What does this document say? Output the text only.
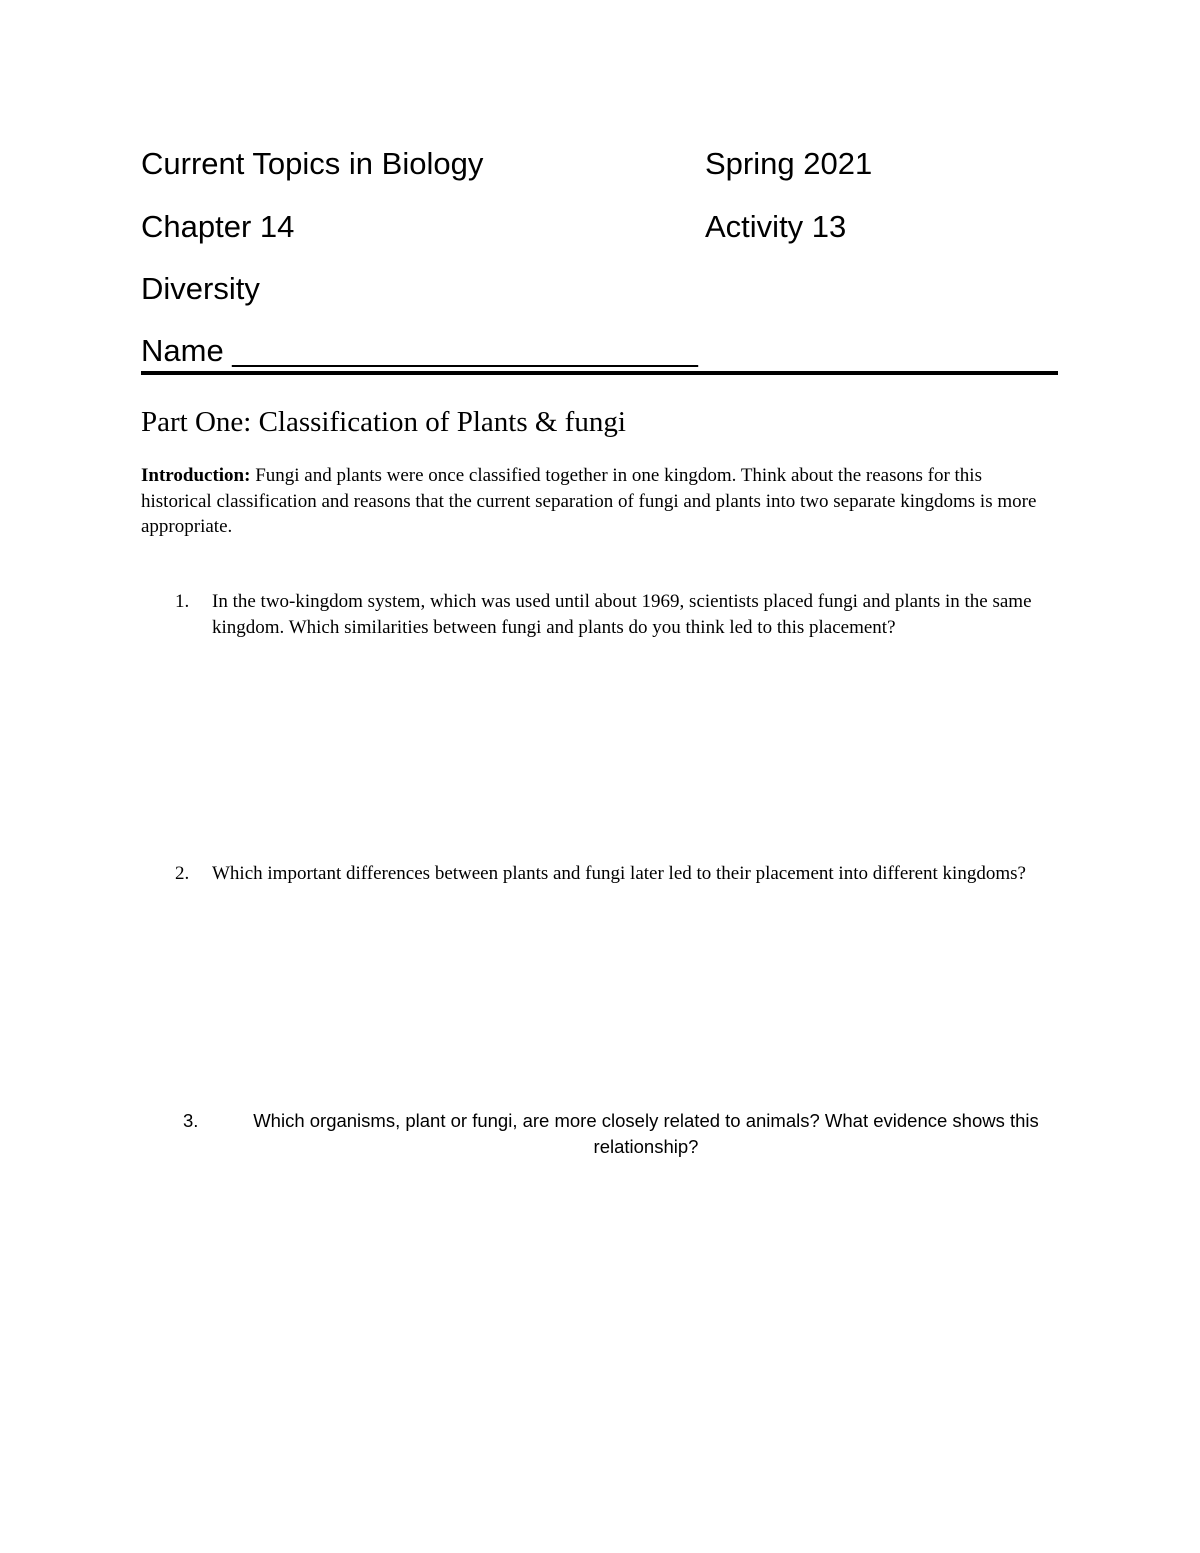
Current Topics in Biology	Spring 2021
Chapter 14	Activity 13
Diversity
Name ___________________________
Part One: Classification of Plants & fungi
Introduction: Fungi and plants were once classified together in one kingdom. Think about the reasons for this historical classification and reasons that the current separation of fungi and plants into two separate kingdoms is more appropriate.
1.	In the two-kingdom system, which was used until about 1969, scientists placed fungi and plants in the same kingdom. Which similarities between fungi and plants do you think led to this placement?
2.	Which important differences between plants and fungi later led to their placement into different kingdoms?
3.	Which organisms, plant or fungi, are more closely related to animals? What evidence shows this relationship?
